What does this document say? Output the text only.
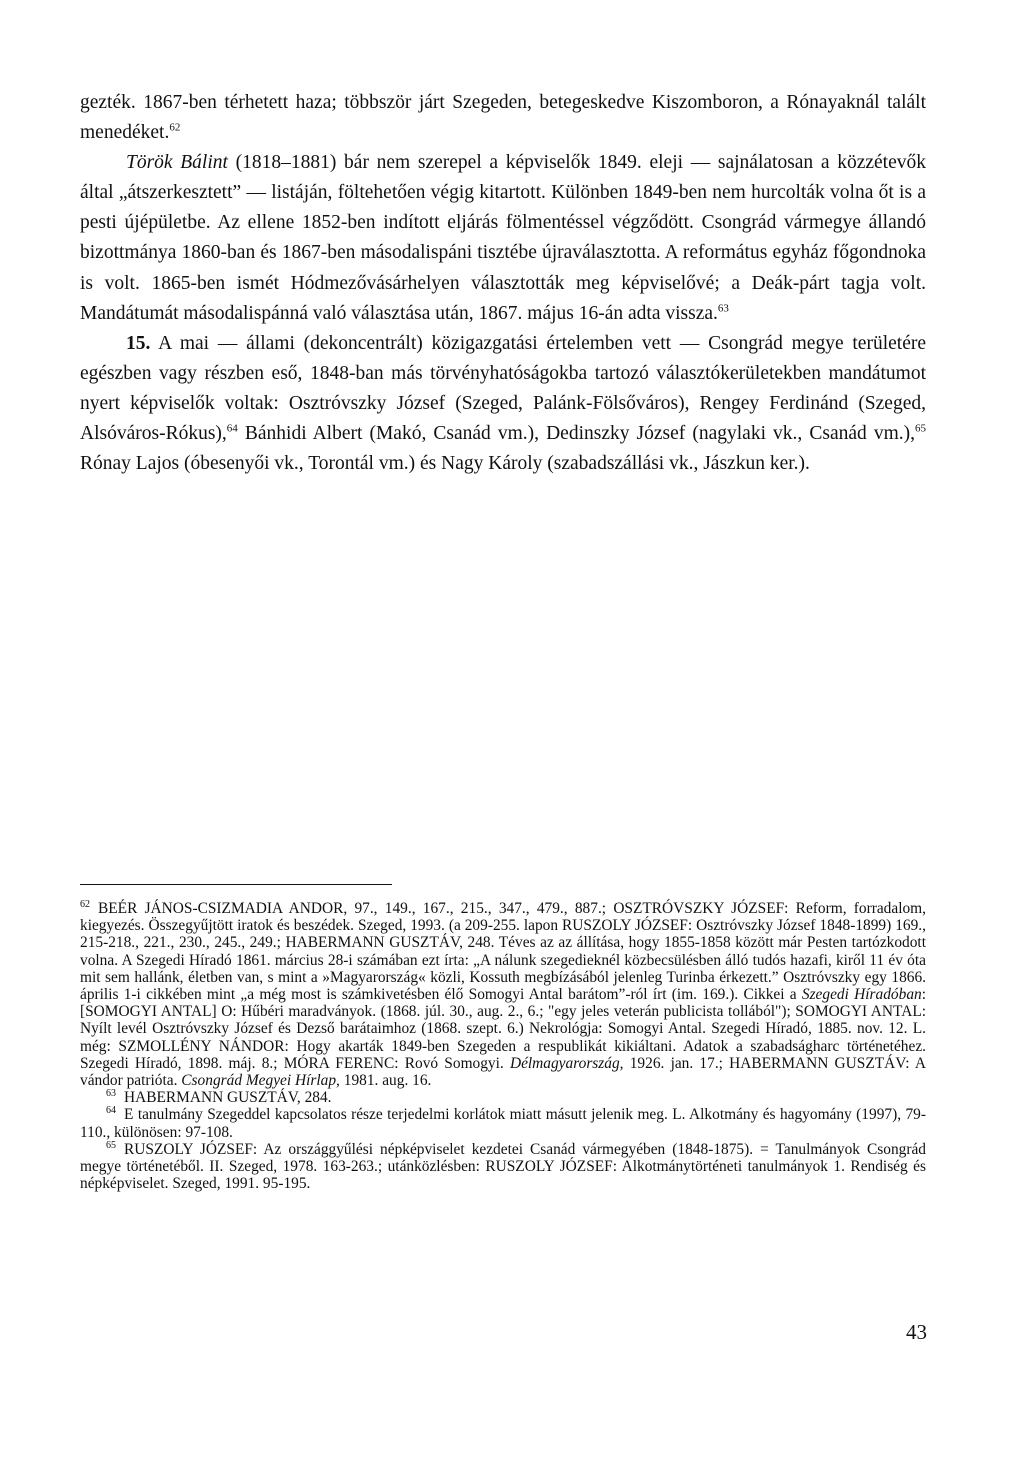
gezték. 1867-ben térhetett haza; többször járt Szegeden, betegeskedve Kiszomboron, a Rónayaknál talált menedéket.$^{62}$

Török Bálint (1818–1881) bár nem szerepel a képviselők 1849. eleji — sajnálatosan a közzétevők által „átszerkesztett” — listáján, föltehetően végig kitartott. Különben 1849-ben nem hurcolták volna őt is a pesti újépületbe. Az ellene 1852-ben indított eljárás fölmentéssel végződött. Csongrád vármegye állandó bizottmánya 1860-ban és 1867-ben másodalispáni tisztébe újraválasztotta. A református egyház főgondnoka is volt. 1865-ben ismét Hódmezővásárhelyen választották meg képviselővé; a Deák-párt tagja volt. Mandátumát másodalispánná való választása után, 1867. május 16-án adta vissza.$^{63}$

15. A mai — állami (dekoncentrált) közigazgatási értelemben vett — Csongrád megye területére egészben vagy részben eső, 1848-ban más törvényhatóságokba tartozó választókerületekben mandátumot nyert képviselők voltak: Osztróvszky József (Szeged, Palánk-Fölsőváros), Rengey Ferdinánd (Szeged, Alsóváros-Rókus),$^{64}$ Bánhidi Albert (Makó, Csanád vm.), Dedinszky József (nagylaki vk., Csanád vm.),$^{65}$ Rónay Lajos (óbesenyői vk., Torontál vm.) és Nagy Károly (szabadszállási vk., Jászkun ker.).

$^{62}$ BEÉR JÁNOS-CSIZMADIA ANDOR, 97., 149., 167., 215., 347., 479., 887.; OSZTRÓVSZKY JÓZSEF: Reform, forradalom, kiegyezés. Összegyűjtött iratok és beszédek. Szeged, 1993. (a 209-255. lapon RUSZOLY JÓZSEF: Osztróvszky József 1848-1899) 169., 215-218., 221., 230., 245., 249.; HABERMANN GUSZTÁV, 248. Téves az az állítása, hogy 1855-1858 között már Pesten tartózkodott volna. A Szegedi Híradó 1861. március 28-i számában ezt írta: „A nálunk szegedieknél közbecsülésben álló tudós hazafi, kiről 11 év óta mit sem hallánk, életben van, s mint a »Magyarország« közli, Kossuth megbízásából jelenleg Turinba érkezett.” Osztróvszky egy 1866. április 1-i cikkében mint „a még most is számkivetésben élő Somogyi Antal barátom”-ról írt (im. 169.). Cikkei a Szegedi Híradóban: [SOMOGYI ANTAL] O: Hűbéri maradványok. (1868. júl. 30., aug. 2., 6.; "egy jeles veterán publicista tollából"); SOMOGYI ANTAL: Nyílt levél Osztróvszky József és Dezső barátaimhoz (1868. szept. 6.) Nekrológja: Somogyi Antal. Szegedi Híradó, 1885. nov. 12. L. még: SZMOLLÉNY NÁNDOR: Hogy akarták 1849-ben Szegeden a respublikát kikiáltani. Adatok a szabadságharc történetéhez. Szegedi Híradó, 1898. máj. 8.; MÓRA FERENC: Rovó Somogyi. Délmagyarország, 1926. jan. 17.; HABERMANN GUSZTÁV: A vándor patrióta. Csongrád Megyei Hírlap, 1981. aug. 16.

$^{63}$ HABERMANN GUSZTÁV, 284.

$^{64}$ E tanulmány Szegeddel kapcsolatos része terjedelmi korlátok miatt másutt jelenik meg. L. Alkotmány és hagyomány (1997), 79-110., különösen: 97-108.

$^{65}$ RUSZOLY JÓZSEF: Az országgyűlési népképviselet kezdetei Csanád vármegyében (1848-1875). = Tanulmányok Csongrád megye történetéből. II. Szeged, 1978. 163-263.; utánközlésben: RUSZOLY JÓZSEF: Alkotmánytörténeti tanulmányok 1. Rendiség és népképviselet. Szeged, 1991. 95-195.

43
